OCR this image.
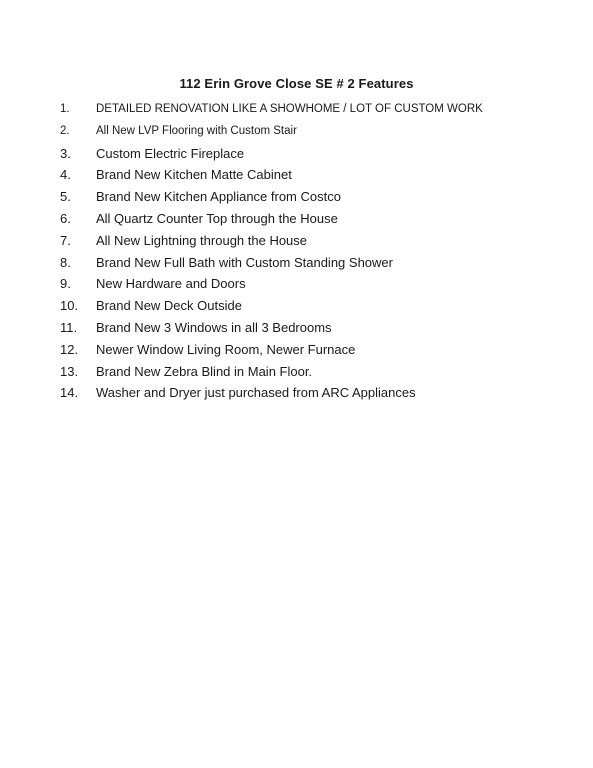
112 Erin Grove Close SE # 2 Features
1. DETAILED RENOVATION LIKE A SHOWHOME / LOT OF CUSTOM WORK
2. All New LVP Flooring with Custom Stair
3. Custom Electric Fireplace
4. Brand New Kitchen Matte Cabinet
5. Brand New Kitchen Appliance from Costco
6. All Quartz Counter Top through the House
7. All New Lightning through the House
8. Brand New Full Bath with Custom Standing Shower
9. New Hardware and Doors
10. Brand New Deck Outside
11. Brand New 3 Windows in all 3 Bedrooms
12. Newer Window Living Room, Newer Furnace
13. Brand New Zebra Blind in Main Floor.
14. Washer and Dryer just purchased from ARC Appliances
